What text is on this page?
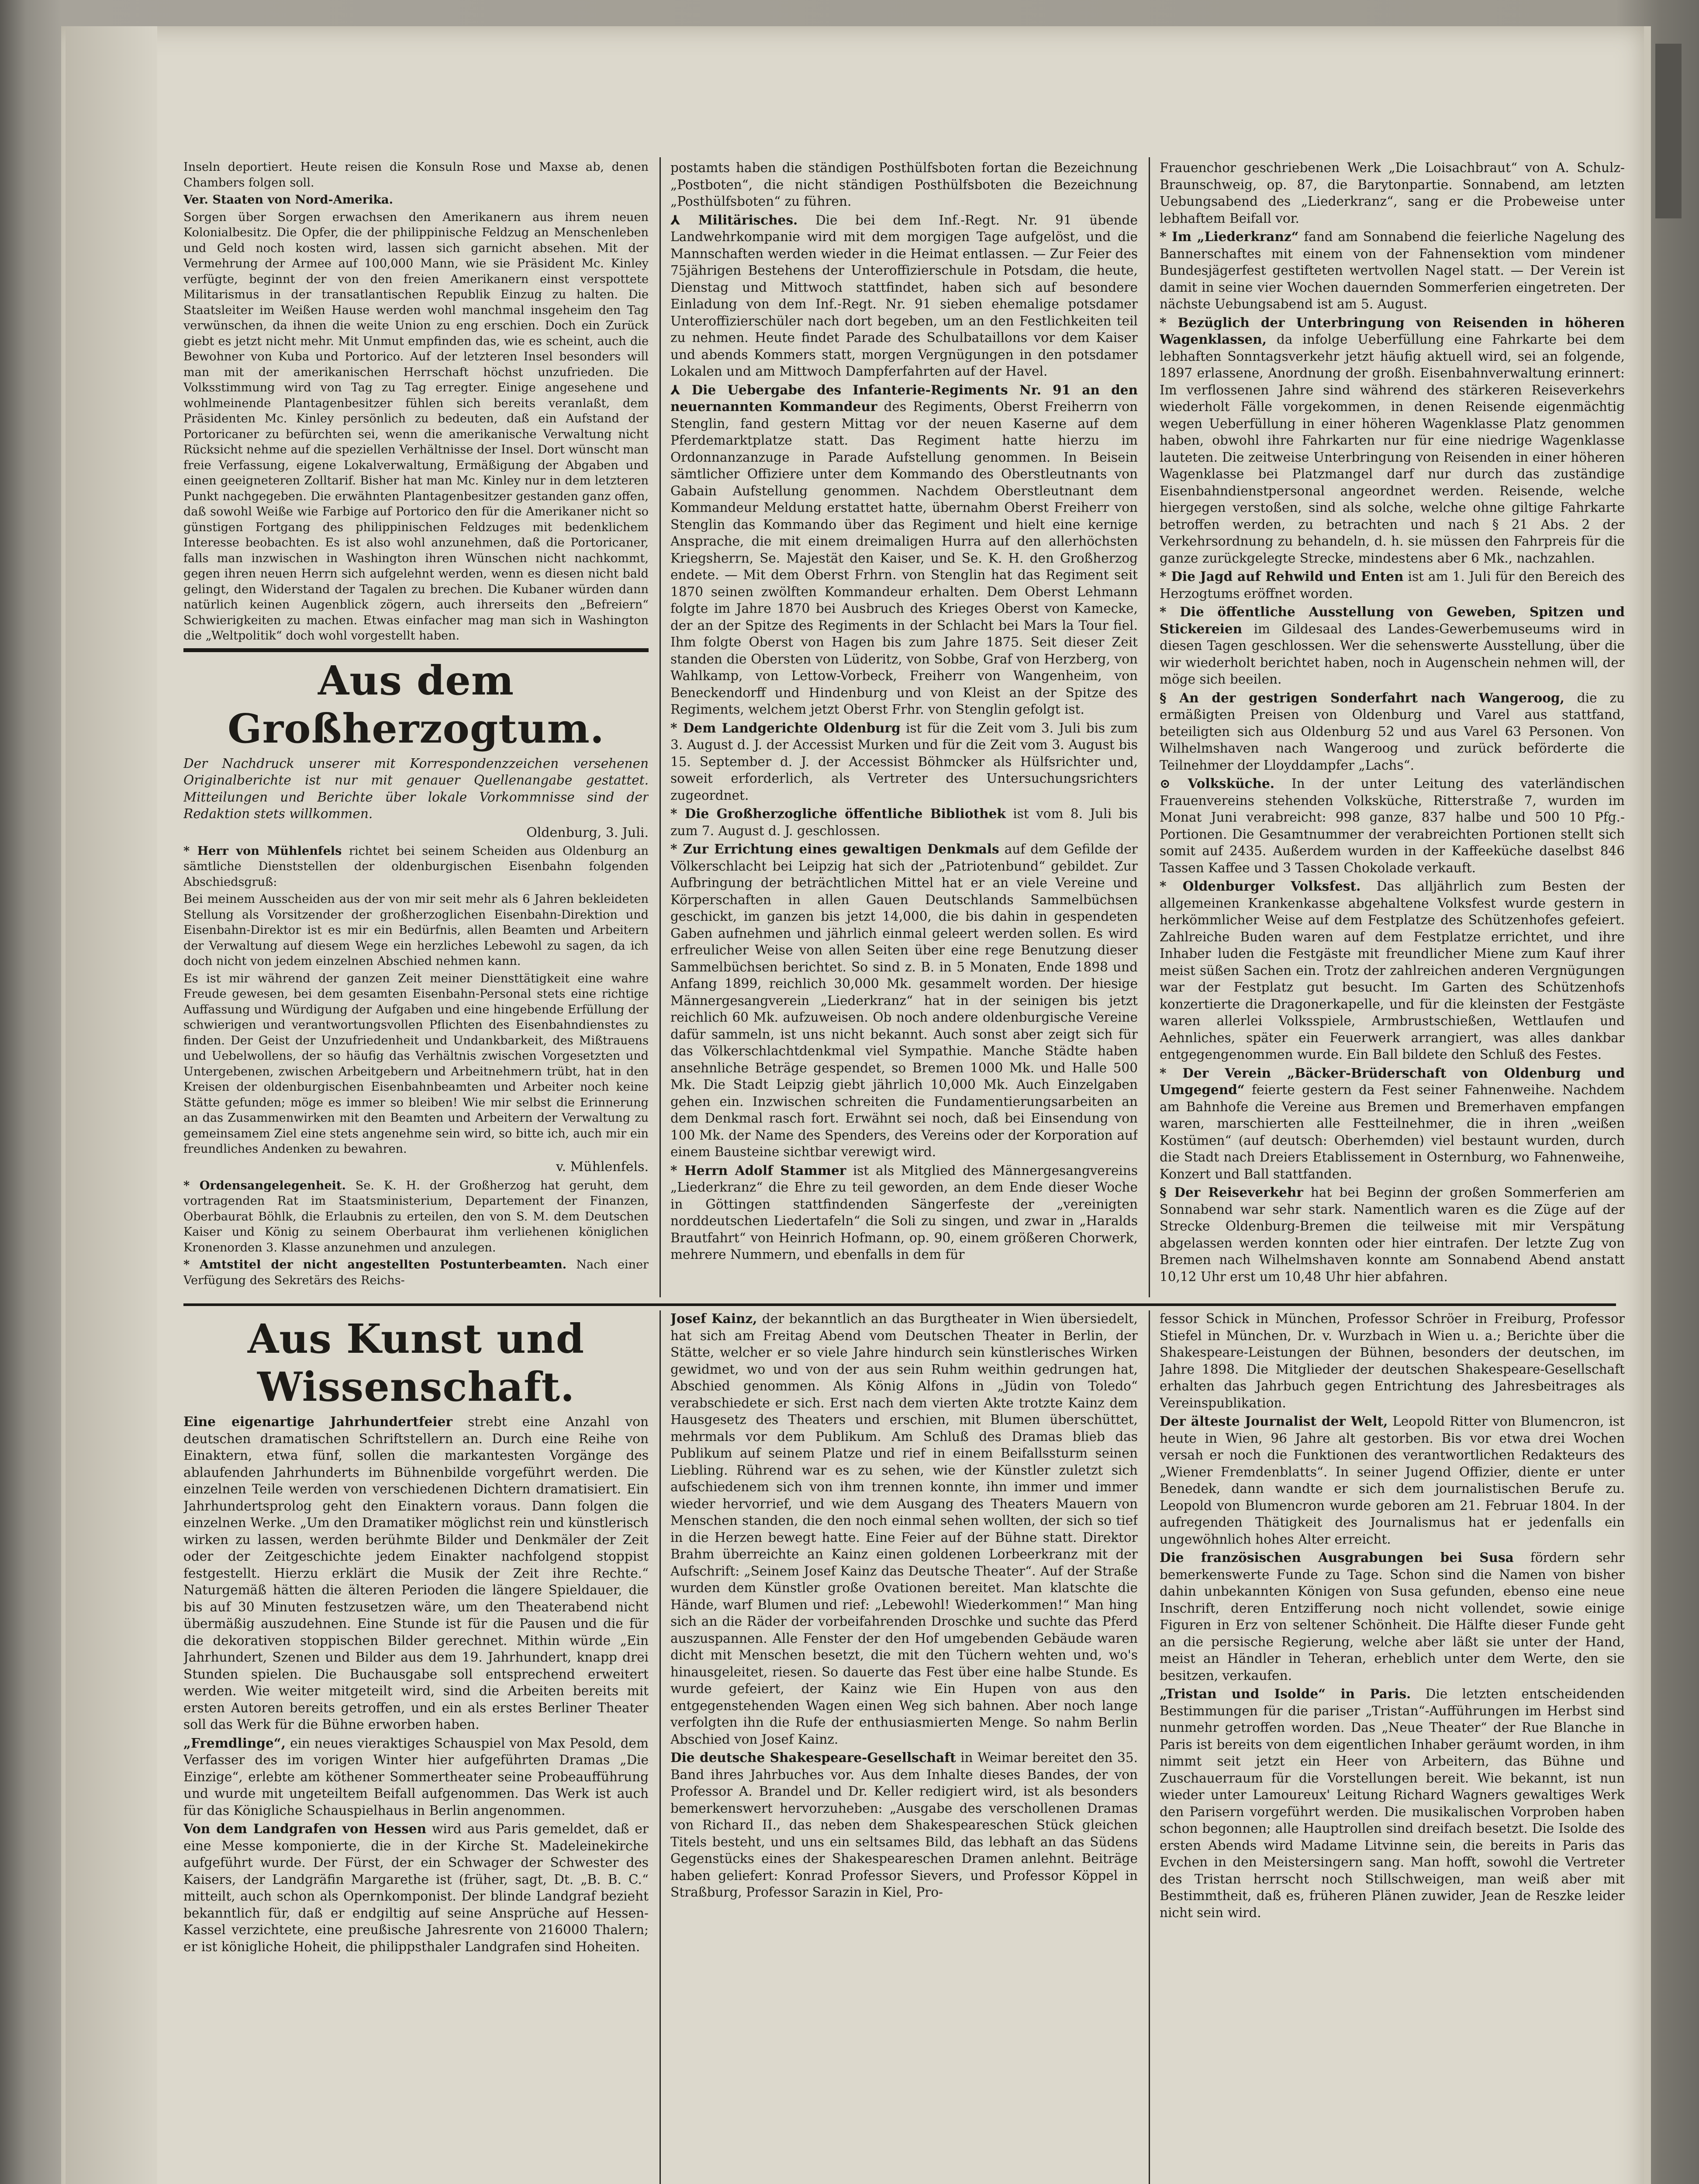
Inseln deportiert. Heute reisen die Konsuln Rose und Maxse ab, denen Chambers folgen soll.

Ver. Staaten von Nord-Amerika.

Sorgen über Sorgen erwachsen den Amerikanern aus ihrem neuen Kolonialbesitz. Die Opfer, die der philippinische Feldzug an Menschenleben und Geld noch kosten wird, lassen sich garnicht absehen. Mit der Vermehrung der Armee auf 100,000 Mann, wie sie Präsident Mc. Kinley verfügte, beginnt der von den freien Amerikanern einst verspottete Militarismus in der transatlantischen Republik Einzug zu halten. Die Staatsleiter im Weißen Hause werden wohl manchmal insgeheim den Tag verwünschen, da ihnen die weite Union zu eng erschien. Doch ein Zurück giebt es jetzt nicht mehr. Mit Unmut empfinden das, wie es scheint, auch die Bewohner von Kuba und Portorico. Auf der letzteren Insel besonders will man mit der amerikanischen Herrschaft höchst unzufrieden. Die Volksstimmung wird von Tag zu Tag erregter. Einige angesehene und wohlmeinende Plantagenbesitzer fühlen sich bereits veranlaßt, dem Präsidenten Mc. Kinley persönlich zu bedeuten, daß ein Aufstand der Portoricaner zu befürchten sei, wenn die amerikanische Verwaltung nicht Rücksicht nehme auf die speziellen Verhältnisse der Insel. Dort wünscht man freie Verfassung, eigene Lokalverwaltung, Ermäßigung der Abgaben und einen geeigneteren Zolltarif. Bisher hat man Mc. Kinley nur in dem letzteren Punkt nachgegeben. Die erwähnten Plantagenbesitzer gestanden ganz offen, daß sowohl Weiße wie Farbige auf Portorico den für die Amerikaner nicht so günstigen Fortgang des philippinischen Feldzuges mit bedenklichem Interesse beobachten. Es ist also wohl anzunehmen, daß die Portoricaner, falls man inzwischen in Washington ihren Wünschen nicht nachkommt, gegen ihren neuen Herrn sich aufgelehnt werden, wenn es diesen nicht bald gelingt, den Widerstand der Tagalen zu brechen. Die Kubaner würden dann natürlich keinen Augenblick zögern, auch ihrerseits den „Befreiern“ Schwierigkeiten zu machen. Etwas einfacher mag man sich in Washington die „Weltpolitik“ doch wohl vorgestellt haben.

Aus dem Großherzogtum.

Der Nachdruck unserer mit Korrespondenzzeichen versehenen Originalberichte ist nur mit genauer Quellenangabe gestattet. Mitteilungen und Berichte über lokale Vorkommnisse sind der Redaktion stets willkommen.

Oldenburg, 3. Juli.

* Herr von Mühlenfels richtet bei seinem Scheiden aus Oldenburg an sämtliche Dienststellen der oldenburgischen Eisenbahn folgenden Abschiedsgruß:

Bei meinem Ausscheiden aus der von mir seit mehr als 6 Jahren bekleideten Stellung als Vorsitzender der großherzoglichen Eisenbahn-Direktion und Eisenbahn-Direktor ist es mir ein Bedürfnis, allen Beamten und Arbeitern der Verwaltung auf diesem Wege ein herzliches Lebewohl zu sagen, da ich doch nicht von jedem einzelnen Abschied nehmen kann.

Es ist mir während der ganzen Zeit meiner Diensttätigkeit eine wahre Freude gewesen, bei dem gesamten Eisenbahn-Personal stets eine richtige Auffassung und Würdigung der Aufgaben und eine hingebende Erfüllung der schwierigen und verantwortungsvollen Pflichten des Eisenbahndienstes zu finden. Der Geist der Unzufriedenheit und Undankbarkeit, des Mißtrauens und Uebelwollens, der so häufig das Verhältnis zwischen Vorgesetzten und Untergebenen, zwischen Arbeitgebern und Arbeitnehmern trübt, hat in den Kreisen der oldenburgischen Eisenbahnbeamten und Arbeiter noch keine Stätte gefunden; möge es immer so bleiben! Wie mir selbst die Erinnerung an das Zusammenwirken mit den Beamten und Arbeitern der Verwaltung zu gemeinsamem Ziel eine stets angenehme sein wird, so bitte ich, auch mir ein freundliches Andenken zu bewahren.

v. Mühlenfels.

* Ordensangelegenheit. Se. K. H. der Großherzog hat geruht, dem vortragenden Rat im Staatsministerium, Departement der Finanzen, Oberbaurat Böhlk, die Erlaubnis zu erteilen, den von S. M. dem Deutschen Kaiser und König zu seinem Oberbaurat ihm verliehenen königlichen Kronenorden 3. Klasse anzunehmen und anzulegen.

* Amtstitel der nicht angestellten Postunterbeamten. Nach einer Verfügung des Sekretärs des Reichs-

postamts haben die ständigen Posthülfsboten fortan die Bezeichnung „Postboten“, die nicht ständigen Posthülfsboten die Bezeichnung „Posthülfsboten“ zu führen.

⅄ Militärisches. Die bei dem Inf.-Regt. Nr. 91 übende Landwehrkompanie wird mit dem morgigen Tage aufgelöst, und die Mannschaften werden wieder in die Heimat entlassen. — Zur Feier des 75jährigen Bestehens der Unteroffizierschule in Potsdam, die heute, Dienstag und Mittwoch stattfindet, haben sich auf besondere Einladung von dem Inf.-Regt. Nr. 91 sieben ehemalige potsdamer Unteroffizierschüler nach dort begeben, um an den Festlichkeiten teil zu nehmen. Heute findet Parade des Schulbataillons vor dem Kaiser und abends Kommers statt, morgen Vergnügungen in den potsdamer Lokalen und am Mittwoch Dampferfahrten auf der Havel.

⅄ Die Uebergabe des Infanterie-Regiments Nr. 91 an den neuernannten Kommandeur des Regiments, Oberst Freiherrn von Stenglin, fand gestern Mittag vor der neuen Kaserne auf dem Pferdemarktplatze statt. Das Regiment hatte hierzu im Ordonnanzanzuge in Parade Aufstellung genommen. In Beisein sämtlicher Offiziere unter dem Kommando des Oberstleutnants von Gabain Aufstellung genommen. Nachdem Oberstleutnant dem Kommandeur Meldung erstattet hatte, übernahm Oberst Freiherr von Stenglin das Kommando über das Regiment und hielt eine kernige Ansprache, die mit einem dreimaligen Hurra auf den allerhöchsten Kriegsherrn, Se. Majestät den Kaiser, und Se. K. H. den Großherzog endete. — Mit dem Oberst Frhrn. von Stenglin hat das Regiment seit 1870 seinen zwölften Kommandeur erhalten. Dem Oberst Lehmann folgte im Jahre 1870 bei Ausbruch des Krieges Oberst von Kamecke, der an der Spitze des Regiments in der Schlacht bei Mars la Tour fiel. Ihm folgte Oberst von Hagen bis zum Jahre 1875. Seit dieser Zeit standen die Obersten von Lüderitz, von Sobbe, Graf von Herzberg, von Wahlkamp, von Lettow-Vorbeck, Freiherr von Wangenheim, von Beneckendorff und Hindenburg und von Kleist an der Spitze des Regiments, welchem jetzt Oberst Frhr. von Stenglin gefolgt ist.

* Dem Landgerichte Oldenburg ist für die Zeit vom 3. Juli bis zum 3. August d. J. der Accessist Murken und für die Zeit vom 3. August bis 15. September d. J. der Accessist Böhmcker als Hülfsrichter und, soweit erforderlich, als Vertreter des Untersuchungsrichters zugeordnet.

* Die Großherzogliche öffentliche Bibliothek ist vom 8. Juli bis zum 7. August d. J. geschlossen.

* Zur Errichtung eines gewaltigen Denkmals auf dem Gefilde der Völkerschlacht bei Leipzig hat sich der „Patriotenbund“ gebildet. Zur Aufbringung der beträchtlichen Mittel hat er an viele Vereine und Körperschaften in allen Gauen Deutschlands Sammelbüchsen geschickt, im ganzen bis jetzt 14,000, die bis dahin in gespendeten Gaben aufnehmen und jährlich einmal geleert werden sollen. Es wird erfreulicher Weise von allen Seiten über eine rege Benutzung dieser Sammelbüchsen berichtet. So sind z. B. in 5 Monaten, Ende 1898 und Anfang 1899, reichlich 30,000 Mk. gesammelt worden. Der hiesige Männergesangverein „Liederkranz“ hat in der seinigen bis jetzt reichlich 60 Mk. aufzuweisen. Ob noch andere oldenburgische Vereine dafür sammeln, ist uns nicht bekannt. Auch sonst aber zeigt sich für das Völkerschlachtdenkmal viel Sympathie. Manche Städte haben ansehnliche Beträge gespendet, so Bremen 1000 Mk. und Halle 500 Mk. Die Stadt Leipzig giebt jährlich 10,000 Mk. Auch Einzelgaben gehen ein. Inzwischen schreiten die Fundamentierungsarbeiten an dem Denkmal rasch fort. Erwähnt sei noch, daß bei Einsendung von 100 Mk. der Name des Spenders, des Vereins oder der Korporation auf einem Bausteine sichtbar verewigt wird.

* Herrn Adolf Stammer ist als Mitglied des Männergesangvereins „Liederkranz“ die Ehre zu teil geworden, an dem Ende dieser Woche in Göttingen stattfindenden Sängerfeste der „vereinigten norddeutschen Liedertafeln“ die Soli zu singen, und zwar in „Haralds Brautfahrt“ von Heinrich Hofmann, op. 90, einem größeren Chorwerk, mehrere Nummern, und ebenfalls in dem für

Frauenchor geschriebenen Werk „Die Loisachbraut“ von A. Schulz-Braunschweig, op. 87, die Barytonpartie. Sonnabend, am letzten Uebungsabend des „Liederkranz“, sang er die Probeweise unter lebhaftem Beifall vor.

* Im „Liederkranz“ fand am Sonnabend die feierliche Nagelung des Bannerschaftes mit einem von der Fahnensektion vom mindener Bundesjägerfest gestifteten wertvollen Nagel statt. — Der Verein ist damit in seine vier Wochen dauernden Sommerferien eingetreten. Der nächste Uebungsabend ist am 5. August.

* Bezüglich der Unterbringung von Reisenden in höheren Wagenklassen, da infolge Ueberfüllung eine Fahrkarte bei dem lebhaften Sonntagsverkehr jetzt häufig aktuell wird, sei an folgende, 1897 erlassene, Anordnung der großh. Eisenbahnverwaltung erinnert: Im verflossenen Jahre sind während des stärkeren Reiseverkehrs wiederholt Fälle vorgekommen, in denen Reisende eigenmächtig wegen Ueberfüllung in einer höheren Wagenklasse Platz genommen haben, obwohl ihre Fahrkarten nur für eine niedrige Wagenklasse lauteten. Die zeitweise Unterbringung von Reisenden in einer höheren Wagenklasse bei Platzmangel darf nur durch das zuständige Eisenbahndienstpersonal angeordnet werden. Reisende, welche hiergegen verstoßen, sind als solche, welche ohne giltige Fahrkarte betroffen werden, zu betrachten und nach § 21 Abs. 2 der Verkehrsordnung zu behandeln, d. h. sie müssen den Fahrpreis für die ganze zurückgelegte Strecke, mindestens aber 6 Mk., nachzahlen.

* Die Jagd auf Rehwild und Enten ist am 1. Juli für den Bereich des Herzogtums eröffnet worden.

* Die öffentliche Ausstellung von Geweben, Spitzen und Stickereien im Gildesaal des Landes-Gewerbemuseums wird in diesen Tagen geschlossen. Wer die sehenswerte Ausstellung, über die wir wiederholt berichtet haben, noch in Augenschein nehmen will, der möge sich beeilen.

§ An der gestrigen Sonderfahrt nach Wangeroog, die zu ermäßigten Preisen von Oldenburg und Varel aus stattfand, beteiligten sich aus Oldenburg 52 und aus Varel 63 Personen. Von Wilhelmshaven nach Wangeroog und zurück beförderte die Teilnehmer der Lloyddampfer „Lachs“.

⊙ Volksküche. In der unter Leitung des vaterländischen Frauenvereins stehenden Volksküche, Ritterstraße 7, wurden im Monat Juni verabreicht: 998 ganze, 837 halbe und 500 10 Pfg.-Portionen. Die Gesamtnummer der verabreichten Portionen stellt sich somit auf 2435. Außerdem wurden in der Kaffeeküche daselbst 846 Tassen Kaffee und 3 Tassen Chokolade verkauft.

* Oldenburger Volksfest. Das alljährlich zum Besten der allgemeinen Krankenkasse abgehaltene Volksfest wurde gestern in herkömmlicher Weise auf dem Festplatze des Schützenhofes gefeiert. Zahlreiche Buden waren auf dem Festplatze errichtet, und ihre Inhaber luden die Festgäste mit freundlicher Miene zum Kauf ihrer meist süßen Sachen ein. Trotz der zahlreichen anderen Vergnügungen war der Festplatz gut besucht. Im Garten des Schützenhofs konzertierte die Dragonerkapelle, und für die kleinsten der Festgäste waren allerlei Volksspiele, Armbrustschießen, Wettlaufen und Aehnliches, später ein Feuerwerk arrangiert, was alles dankbar entgegengenommen wurde. Ein Ball bildete den Schluß des Festes.

* Der Verein „Bäcker-Brüderschaft von Oldenburg und Umgegend“ feierte gestern da Fest seiner Fahnenweihe. Nachdem am Bahnhofe die Vereine aus Bremen und Bremerhaven empfangen waren, marschierten alle Festteilnehmer, die in ihren „weißen Kostümen“ (auf deutsch: Oberhemden) viel bestaunt wurden, durch die Stadt nach Dreiers Etablissement in Osternburg, wo Fahnenweihe, Konzert und Ball stattfanden.

§ Der Reiseverkehr hat bei Beginn der großen Sommerferien am Sonnabend war sehr stark. Namentlich waren es die Züge auf der Strecke Oldenburg-Bremen die teilweise mit mir Verspätung abgelassen werden konnten oder hier eintrafen. Der letzte Zug von Bremen nach Wilhelmshaven konnte am Sonnabend Abend anstatt 10,12 Uhr erst um 10,48 Uhr hier abfahren.

Aus Kunst und Wissenschaft.

Eine eigenartige Jahrhundertfeier strebt eine Anzahl von deutschen dramatischen Schriftstellern an. Durch eine Reihe von Einaktern, etwa fünf, sollen die markantesten Vorgänge des ablaufenden Jahrhunderts im Bühnenbilde vorgeführt werden. Die einzelnen Teile werden von verschiedenen Dichtern dramatisiert. Ein Jahrhundertsprolog geht den Einaktern voraus. Dann folgen die einzelnen Werke. „Um den Dramatiker möglichst rein und künstlerisch wirken zu lassen, werden berühmte Bilder und Denkmäler der Zeit oder der Zeitgeschichte jedem Einakter nachfolgend stoppist festgestellt. Hierzu erklärt die Musik der Zeit ihre Rechte.“ Naturgemäß hätten die älteren Perioden die längere Spieldauer, die bis auf 30 Minuten festzusetzen wäre, um den Theaterabend nicht übermäßig auszudehnen. Eine Stunde ist für die Pausen und die für die dekorativen stoppischen Bilder gerechnet. Mithin würde „Ein Jahrhundert, Szenen und Bilder aus dem 19. Jahrhundert, knapp drei Stunden spielen. Die Buchausgabe soll entsprechend erweitert werden. Wie weiter mitgeteilt wird, sind die Arbeiten bereits mit ersten Autoren bereits getroffen, und ein als erstes Berliner Theater soll das Werk für die Bühne erworben haben.

„Fremdlinge“, ein neues vieraktiges Schauspiel von Max Pesold, dem Verfasser des im vorigen Winter hier aufgeführten Dramas „Die Einzige“, erlebte am köthener Sommertheater seine Probeaufführung und wurde mit ungeteiltem Beifall aufgenommen. Das Werk ist auch für das Königliche Schauspielhaus in Berlin angenommen.

Von dem Landgrafen von Hessen wird aus Paris gemeldet, daß er eine Messe komponierte, die in der Kirche St. Madeleinekirche aufgeführt wurde. Der Fürst, der ein Schwager der Schwester des Kaisers, der Landgräfin Margarethe ist (früher, sagt, Dt. „B. B. C.“ mitteilt, auch schon als Opernkomponist. Der blinde Landgraf bezieht bekanntlich für, daß er endgiltig auf seine Ansprüche auf Hessen-Kassel verzichtete, eine preußische Jahresrente von 216000 Thalern; er ist königliche Hoheit, die philippsthaler Landgrafen sind Hoheiten.

Josef Kainz, der bekanntlich an das Burgtheater in Wien übersiedelt, hat sich am Freitag Abend vom Deutschen Theater in Berlin, der Stätte, welcher er so viele Jahre hindurch sein künstlerisches Wirken gewidmet, wo und von der aus sein Ruhm weithin gedrungen hat, Abschied genommen. Als König Alfons in „Jüdin von Toledo“ verabschiedete er sich. Erst nach dem vierten Akte trotzte Kainz dem Hausgesetz des Theaters und erschien, mit Blumen überschüttet, mehrmals vor dem Publikum. Am Schluß des Dramas blieb das Publikum auf seinem Platze und rief in einem Beifallssturm seinen Liebling. Rührend war es zu sehen, wie der Künstler zuletzt sich aufschiedenem sich von ihm trennen konnte, ihn immer und immer wieder hervorrief, und wie dem Ausgang des Theaters Mauern von Menschen standen, die den noch einmal sehen wollten, der sich so tief in die Herzen bewegt hatte. Eine Feier auf der Bühne statt. Direktor Brahm überreichte an Kainz einen goldenen Lorbeerkranz mit der Aufschrift: „Seinem Josef Kainz das Deutsche Theater“. Auf der Straße wurden dem Künstler große Ovationen bereitet. Man klatschte die Hände, warf Blumen und rief: „Lebewohl! Wiederkommen!“ Man hing sich an die Räder der vorbeifahrenden Droschke und suchte das Pferd auszuspannen. Alle Fenster der den Hof umgebenden Gebäude waren dicht mit Menschen besetzt, die mit den Tüchern wehten und, wo's hinausgeleitet, riesen. So dauerte das Fest über eine halbe Stunde. Es wurde gefeiert, der Kainz wie Ein Hupen von aus den entgegenstehenden Wagen einen Weg sich bahnen. Aber noch lange verfolgten ihn die Rufe der enthusiasmierten Menge. So nahm Berlin Abschied von Josef Kainz.

Die deutsche Shakespeare-Gesellschaft in Weimar bereitet den 35. Band ihres Jahrbuches vor. Aus dem Inhalte dieses Bandes, der von Professor A. Brandel und Dr. Keller redigiert wird, ist als besonders bemerkenswert hervorzuheben: „Ausgabe des verschollenen Dramas von Richard II., das neben dem Shakespeareschen Stück gleichen Titels besteht, und uns ein seltsames Bild, das lebhaft an das Südens Gegenstücks eines der Shakespeareschen Dramen anlehnt. Beiträge haben geliefert: Konrad Professor Sievers, und Professor Köppel in Straßburg, Professor Sarazin in Kiel, Pro-

fessor Schick in München, Professor Schröer in Freiburg, Professor Stiefel in München, Dr. v. Wurzbach in Wien u. a.; Berichte über die Shakespeare-Leistungen der Bühnen, besonders der deutschen, im Jahre 1898. Die Mitglieder der deutschen Shakespeare-Gesellschaft erhalten das Jahrbuch gegen Entrichtung des Jahresbeitrages als Vereinspublikation.

Der älteste Journalist der Welt, Leopold Ritter von Blumencron, ist heute in Wien, 96 Jahre alt gestorben. Bis vor etwa drei Wochen versah er noch die Funktionen des verantwortlichen Redakteurs des „Wiener Fremdenblatts“. In seiner Jugend Offizier, diente er unter Benedek, dann wandte er sich dem journalistischen Berufe zu. Leopold von Blumencron wurde geboren am 21. Februar 1804. In der aufregenden Thätigkeit des Journalismus hat er jedenfalls ein ungewöhnlich hohes Alter erreicht.

Die französischen Ausgrabungen bei Susa fördern sehr bemerkenswerte Funde zu Tage. Schon sind die Namen von bisher dahin unbekannten Königen von Susa gefunden, ebenso eine neue Inschrift, deren Entzifferung noch nicht vollendet, sowie einige Figuren in Erz von seltener Schönheit. Die Hälfte dieser Funde geht an die persische Regierung, welche aber läßt sie unter der Hand, meist an Händler in Teheran, erheblich unter dem Werte, den sie besitzen, verkaufen.

„Tristan und Isolde“ in Paris. Die letzten entscheidenden Bestimmungen für die pariser „Tristan“-Aufführungen im Herbst sind nunmehr getroffen worden. Das „Neue Theater“ der Rue Blanche in Paris ist bereits von dem eigentlichen Inhaber geräumt worden, in ihm nimmt seit jetzt ein Heer von Arbeitern, das Bühne und Zuschauerraum für die Vorstellungen bereit. Wie bekannt, ist nun wieder unter Lamoureux' Leitung Richard Wagners gewaltiges Werk den Parisern vorgeführt werden. Die musikalischen Vorproben haben schon begonnen; alle Hauptrollen sind dreifach besetzt. Die Isolde des ersten Abends wird Madame Litvinne sein, die bereits in Paris das Evchen in den Meistersingern sang. Man hofft, sowohl die Vertreter des Tristan herrscht noch Stillschweigen, man weiß aber mit Bestimmtheit, daß es, früheren Plänen zuwider, Jean de Reszke leider nicht sein wird.
